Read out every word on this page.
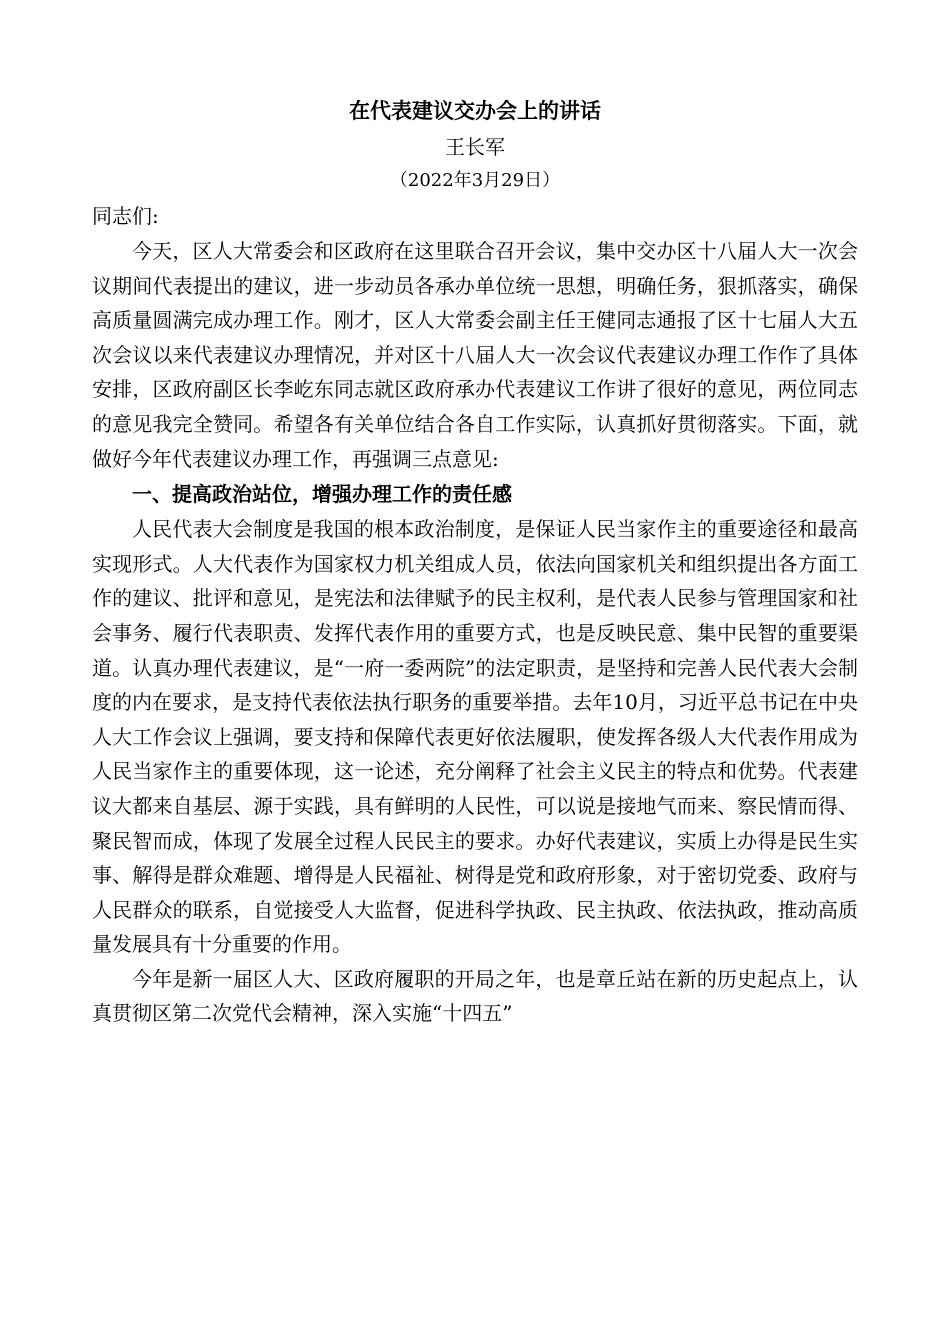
在代表建议交办会上的讲话
王长军
（2022年3月29日）

同志们:

今天，区人大常委会和区政府在这里联合召开会议，集中交办区十八届人大一次会议期间代表提出的建议，进一步动员各承办单位统一思想，明确任务，狠抓落实，确保高质量圆满完成办理工作。刚才，区人大常委会副主任王健同志通报了区十七届人大五次会议以来代表建议办理情况，并对区十八届人大一次会议代表建议办理工作作了具体安排，区政府副区长李屹东同志就区政府承办代表建议工作讲了很好的意见，两位同志的意见我完全赞同。希望各有关单位结合各自工作实际，认真抓好贯彻落实。下面，就做好今年代表建议办理工作，再强调三点意见:

一、提高政治站位，增强办理工作的责任感

人民代表大会制度是我国的根本政治制度，是保证人民当家作主的重要途径和最高实现形式。人大代表作为国家权力机关组成人员，依法向国家机关和组织提出各方面工作的建议、批评和意见，是宪法和法律赋予的民主权利，是代表人民参与管理国家和社会事务、履行代表职责、发挥代表作用的重要方式，也是反映民意、集中民智的重要渠道。认真办理代表建议，是“一府一委两院”的法定职责，是坚持和完善人民代表大会制度的内在要求，是支持代表依法执行职务的重要举措。去年10月，习近平总书记在中央人大工作会议上强调，要支持和保障代表更好依法履职，使发挥各级人大代表作用成为人民当家作主的重要体现，这一论述，充分阐释了社会主义民主的特点和优势。代表建议大都来自基层、源于实践，具有鲜明的人民性，可以说是接地气而来、察民情而得、聚民智而成，体现了发展全过程人民民主的要求。办好代表建议，实质上办得是民生实事、解得是群众难题、增得是人民福祉、树得是党和政府形象，对于密切党委、政府与人民群众的联系，自觉接受人大监督，促进科学执政、民主执政、依法执政，推动高质量发展具有十分重要的作用。

今年是新一届区人大、区政府履职的开局之年，也是章丘站在新的历史起点上，认真贯彻区第二次党代会精神，深入实施“十四五”
